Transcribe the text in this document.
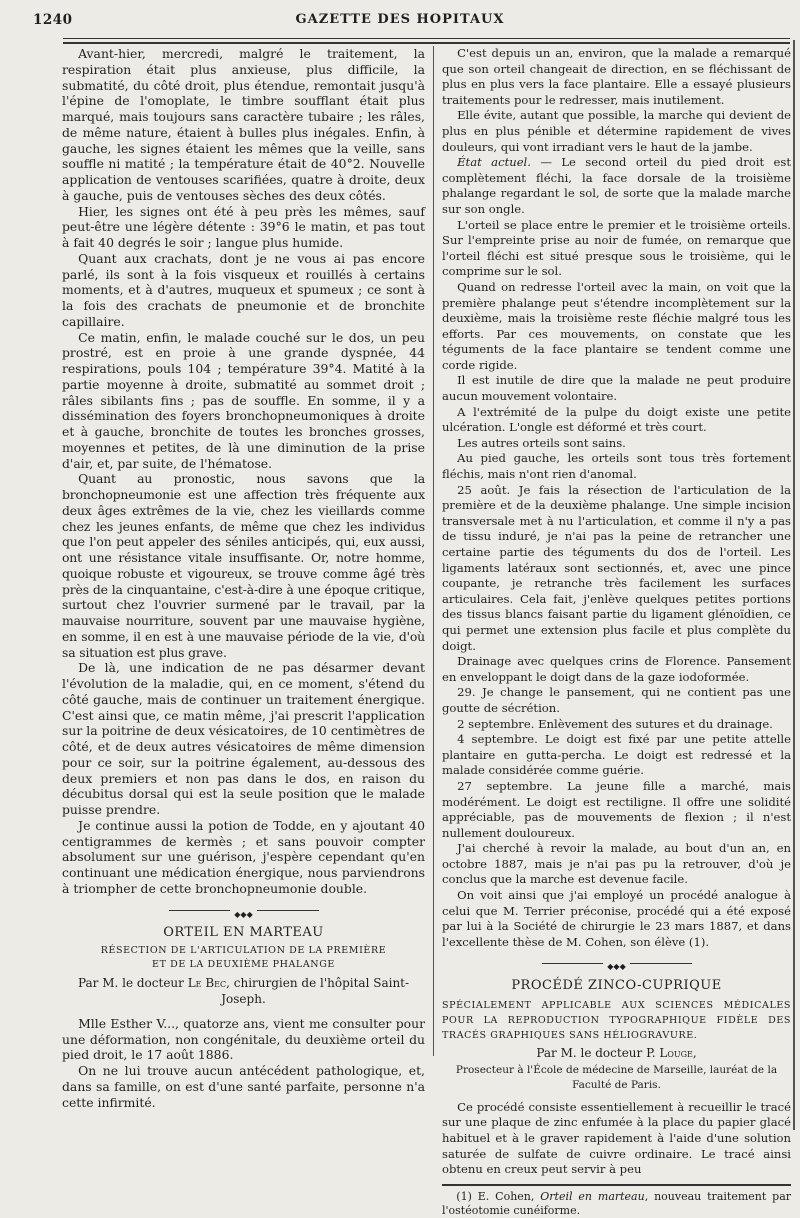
1240	GAZETTE DES HOPITAUX

Avant-hier, mercredi, malgré le traitement, la respiration était plus anxieuse, plus difficile, la submatité, du côté droit, plus étendue, remontait jusqu'à l'épine de l'omoplate, le timbre soufflant était plus marqué, mais toujours sans caractère tubaire ; les râles, de même nature, étaient à bulles plus inégales. Enfin, à gauche, les signes étaient les mêmes que la veille, sans souffle ni matité ; la température était de 40°2. Nouvelle application de ventouses scarifiées, quatre à droite, deux à gauche, puis de ventouses sèches des deux côtés.

Hier, les signes ont été à peu près les mêmes, sauf peut-être une légère détente : 39°6 le matin, et pas tout à fait 40 degrés le soir ; langue plus humide.

Quant aux crachats, dont je ne vous ai pas encore parlé, ils sont à la fois visqueux et rouillés à certains moments, et à d'autres, muqueux et spumeux ; ce sont à la fois des crachats de pneumonie et de bronchite capillaire.

Ce matin, enfin, le malade couché sur le dos, un peu prostré, est en proie à une grande dyspnée, 44 respirations, pouls 104 ; température 39°4. Matité à la partie moyenne à droite, submatité au sommet droit ; râles sibilants fins ; pas de souffle. En somme, il y a dissémination des foyers bronchopneumoniques à droite et à gauche, bronchite de toutes les bronches grosses, moyennes et petites, de là une diminution de la prise d'air, et, par suite, de l'hématose.

Quant au pronostic, nous savons que la bronchopneumonie est une affection très fréquente aux deux âges extrêmes de la vie, chez les vieillards comme chez les jeunes enfants, de même que chez les individus que l'on peut appeler des séniles anticipés, qui, eux aussi, ont une résistance vitale insuffisante. Or, notre homme, quoique robuste et vigoureux, se trouve comme âgé très près de la cinquantaine, c'est-à-dire à une époque critique, surtout chez l'ouvrier surmené par le travail, par la mauvaise nourriture, souvent par une mauvaise hygiène, en somme, il en est à une mauvaise période de la vie, d'où sa situation est plus grave.

De là, une indication de ne pas désarmer devant l'évolution de la maladie, qui, en ce moment, s'étend du côté gauche, mais de continuer un traitement énergique. C'est ainsi que, ce matin même, j'ai prescrit l'application sur la poitrine de deux vésicatoires, de 10 centimètres de côté, et de deux autres vésicatoires de même dimension pour ce soir, sur la poitrine également, au-dessous des deux premiers et non pas dans le dos, en raison du décubitus dorsal qui est la seule position que le malade puisse prendre.

Je continue aussi la potion de Todde, en y ajoutant 40 centigrammes de kermès ; et sans pouvoir compter absolument sur une guérison, j'espère cependant qu'en continuant une médication énergique, nous parviendrons à triompher de cette bronchopneumonie double.

◆◆◆
ORTEIL EN MARTEAU
RÉSECTION DE L'ARTICULATION DE LA PREMIÈRE
ET DE LA DEUXIÈME PHALANGE
Par M. le docteur Le Bec, chirurgien de l'hôpital Saint-Joseph.

Mlle Esther V..., quatorze ans, vient me consulter pour une déformation, non congénitale, du deuxième orteil du pied droit, le 17 août 1886.

On ne lui trouve aucun antécédent pathologique, et, dans sa famille, on est d'une santé parfaite, personne n'a cette infirmité.

C'est depuis un an, environ, que la malade a remarqué que son orteil changeait de direction, en se fléchissant de plus en plus vers la face plantaire. Elle a essayé plusieurs traitements pour le redresser, mais inutilement.

Elle évite, autant que possible, la marche qui devient de plus en plus pénible et détermine rapidement de vives douleurs, qui vont irradiant vers le haut de la jambe.

État actuel. — Le second orteil du pied droit est complètement fléchi, la face dorsale de la troisième phalange regardant le sol, de sorte que la malade marche sur son ongle.

L'orteil se place entre le premier et le troisième orteils. Sur l'empreinte prise au noir de fumée, on remarque que l'orteil fléchi est situé presque sous le troisième, qui le comprime sur le sol.

Quand on redresse l'orteil avec la main, on voit que la première phalange peut s'étendre incomplètement sur la deuxième, mais la troisième reste fléchie malgré tous les efforts. Par ces mouvements, on constate que les téguments de la face plantaire se tendent comme une corde rigide.

Il est inutile de dire que la malade ne peut produire aucun mouvement volontaire.

A l'extrémité de la pulpe du doigt existe une petite ulcération. L'ongle est déformé et très court.

Les autres orteils sont sains.

Au pied gauche, les orteils sont tous très fortement fléchis, mais n'ont rien d'anomal.

25 août. Je fais la résection de l'articulation de la première et de la deuxième phalange. Une simple incision transversale met à nu l'articulation, et comme il n'y a pas de tissu induré, je n'ai pas la peine de retrancher une certaine partie des téguments du dos de l'orteil. Les ligaments latéraux sont sectionnés, et, avec une pince coupante, je retranche très facilement les surfaces articulaires. Cela fait, j'enlève quelques petites portions des tissus blancs faisant partie du ligament glénoïdien, ce qui permet une extension plus facile et plus complète du doigt.

Drainage avec quelques crins de Florence. Pansement en enveloppant le doigt dans de la gaze iodoformée.

29. Je change le pansement, qui ne contient pas une goutte de sécrétion.

2 septembre. Enlèvement des sutures et du drainage.

4 septembre. Le doigt est fixé par une petite attelle plantaire en gutta-percha. Le doigt est redressé et la malade considérée comme guérie.

27 septembre. La jeune fille a marché, mais modérément. Le doigt est rectiligne. Il offre une solidité appréciable, pas de mouvements de flexion ; il n'est nullement douloureux.

J'ai cherché à revoir la malade, au bout d'un an, en octobre 1887, mais je n'ai pas pu la retrouver, d'où je conclus que la marche est devenue facile.

On voit ainsi que j'ai employé un procédé analogue à celui que M. Terrier préconise, procédé qui a été exposé par lui à la Société de chirurgie le 23 mars 1887, et dans l'excellente thèse de M. Cohen, son élève (1).

◆◆◆
PROCÉDÉ ZINCO-CUPRIQUE
SPÉCIALEMENT APPLICABLE AUX SCIENCES MÉDICALES POUR LA REPRODUCTION TYPOGRAPHIQUE FIDÈLE DES TRACÉS GRAPHIQUES SANS HÉLIOGRAVURE.
Par M. le docteur P. Louge,
Prosecteur à l'École de médecine de Marseille, lauréat de la Faculté de Paris.

Ce procédé consiste essentiellement à recueillir le tracé sur une plaque de zinc enfumée à la place du papier glacé habituel et à le graver rapidement à l'aide d'une solution saturée de sulfate de cuivre ordinaire. Le tracé ainsi obtenu en creux peut servir à peu

(1) E. Cohen, Orteil en marteau, nouveau traitement par l'ostéotomie cunéiforme.
